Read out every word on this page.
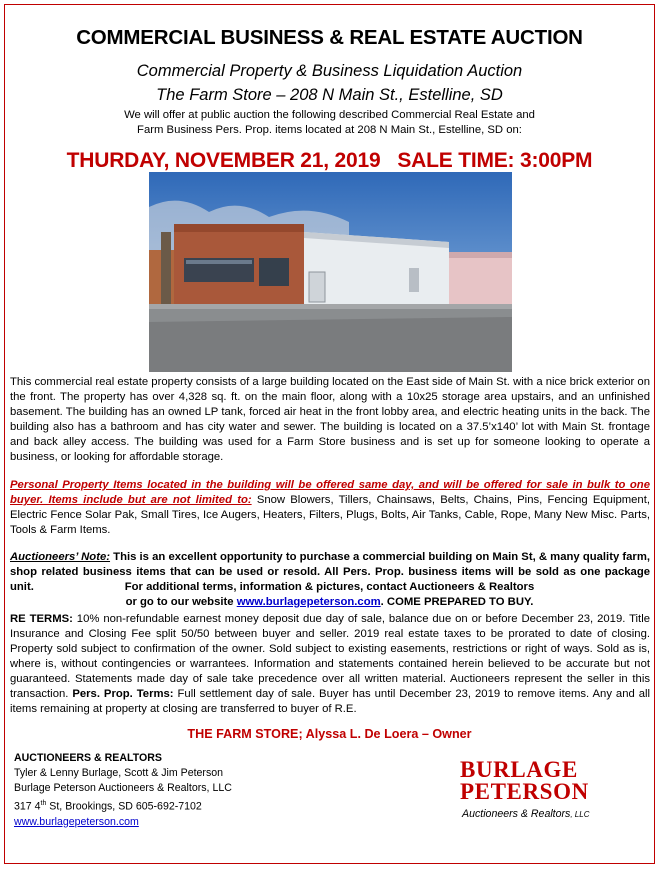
COMMERCIAL BUSINESS & REAL ESTATE AUCTION
Commercial Property & Business Liquidation Auction
The Farm Store – 208 N Main St., Estelline, SD
We will offer at public auction the following described Commercial Real Estate and
Farm Business Pers. Prop. items located at 208 N Main St., Estelline, SD on:
THURDAY, NOVEMBER 21, 2019   SALE TIME: 3:00PM
This commercial real estate property consists of a large building located on the East side of Main St. with a nice brick exterior on the front. The property has over 4,328 sq. ft. on the main floor, along with a 10x25 storage area upstairs, and an unfinished basement. The building has an owned LP tank, forced air heat in the front lobby area, and electric heating units in the back. The building also has a bathroom and has city water and sewer. The building is located on a 37.5’x140’ lot with Main St. frontage and back alley access. The building was used for a Farm Store business and is set up for someone looking to operate a business, or looking for affordable storage.
Personal Property Items located in the building will be offered same day, and will be offered for sale in bulk to one buyer. Items include but are not limited to: Snow Blowers, Tillers, Chainsaws, Belts, Chains, Pins, Fencing Equipment, Electric Fence Solar Pak, Small Tires, Ice Augers, Heaters, Filters, Plugs, Bolts, Air Tanks, Cable, Rope, Many New Misc. Parts, Tools & Farm Items.
Auctioneers’ Note: This is an excellent opportunity to purchase a commercial building on Main St, & many quality farm, shop related business items that can be used or resold. All Pers. Prop. business items will be sold as one package unit.	For additional terms, information & pictures, contact Auctioneers & Realtors
or go to our website www.burlagepeterson.com. COME PREPARED TO BUY.
RE TERMS: 10% non-refundable earnest money deposit due day of sale, balance due on or before December 23, 2019. Title Insurance and Closing Fee split 50/50 between buyer and seller. 2019 real estate taxes to be prorated to date of closing. Property sold subject to confirmation of the owner. Sold subject to existing easements, restrictions or right of ways. Sold as is, where is, without contingencies or warrantees. Information and statements contained herein believed to be accurate but not guaranteed. Statements made day of sale take precedence over all written material. Auctioneers represent the seller in this transaction. Pers. Prop. Terms: Full settlement day of sale. Buyer has until December 23, 2019 to remove items. Any and all items remaining at property at closing are transferred to buyer of R.E.
THE FARM STORE; Alyssa L. De Loera – Owner
AUCTIONEERS & REALTORS
Tyler & Lenny Burlage, Scott & Jim Peterson
Burlage Peterson Auctioneers & Realtors, LLC
317 4th St, Brookings, SD 605-692-7102
www.burlagepeterson.com
BURLAGE
PETERSON
Auctioneers & Realtors, LLC
